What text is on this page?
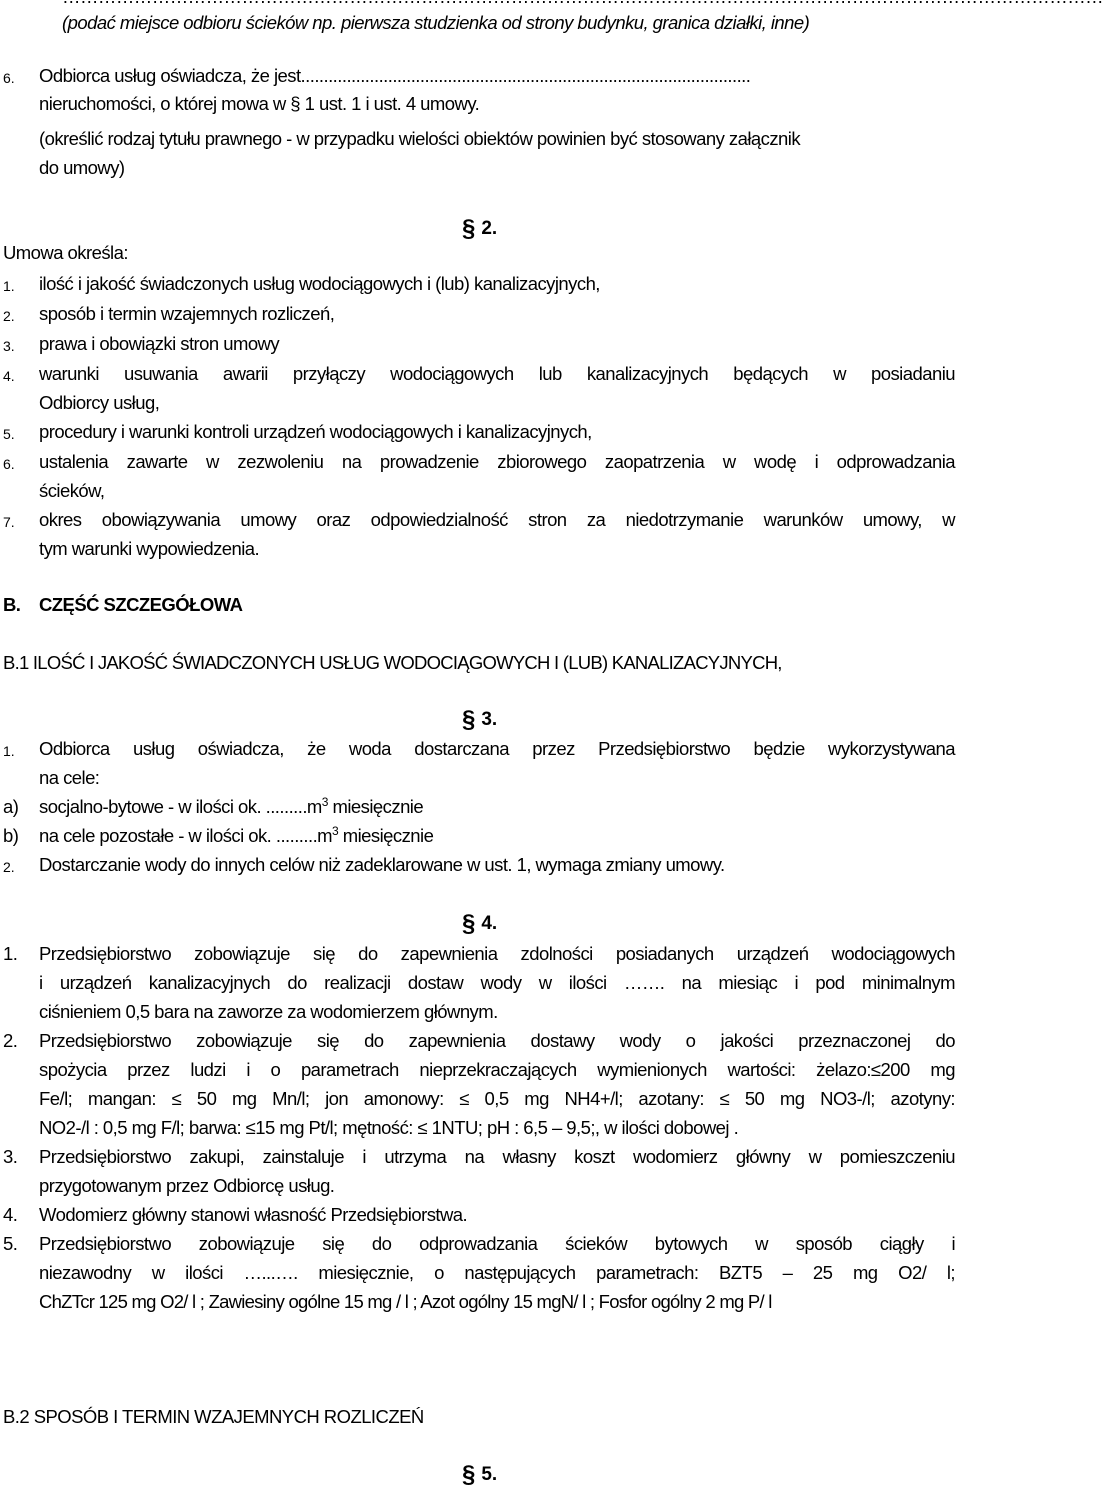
(podać miejsce odbioru ścieków np. pierwsza studzienka od strony budynku, granica działki, inne)
6. Odbiorca usług oświadcza, że jest..................................................................................................
nieruchomości, o której mowa w § 1 ust. 1 i ust. 4 umowy.
(określić rodzaj tytułu prawnego - w przypadku wielości obiektów powinien być stosowany załącznik
do umowy)
§ 2.
Umowa określa:
1. ilość i jakość świadczonych usług wodociągowych i (lub) kanalizacyjnych,
2. sposób i termin wzajemnych rozliczeń,
3. prawa i obowiązki stron umowy
4. warunki usuwania awarii przyłączy wodociągowych lub kanalizacyjnych będących w posiadaniu
Odbiorcy usług,
5. procedury i warunki kontroli urządzeń wodociągowych i kanalizacyjnych,
6. ustalenia zawarte w zezwoleniu na prowadzenie zbiorowego zaopatrzenia w wodę i odprowadzania
ścieków,
7. okres obowiązywania umowy oraz odpowiedzialność stron za niedotrzymanie warunków umowy, w
tym warunki wypowiedzenia.
B.	CZĘŚĆ SZCZEGÓŁOWA
B.1 ILOŚĆ I JAKOŚĆ ŚWIADCZONYCH USŁUG WODOCIĄGOWYCH I (LUB) KANALIZACYJNYCH,
§ 3.
1. Odbiorca usług oświadcza, że woda dostarczana przez Przedsiębiorstwo będzie wykorzystywana
na cele:
a)	socjalno-bytowe - w ilości ok. $.........m^3$ miesięcznie
b)	na cele pozostałe - w ilości ok. $.........m^3$ miesięcznie
2. Dostarczanie wody do innych celów niż zadeklarowane w ust. 1, wymaga zmiany umowy.
§ 4.
1. Przedsiębiorstwo zobowiązuje się do zapewnienia zdolności posiadanych urządzeń wodociągowych
i urządzeń kanalizacyjnych do realizacji dostaw wody w ilości ……. na miesiąc i pod minimalnym
ciśnieniem 0,5 bara na zaworze za wodomierzem głównym.
2. Przedsiębiorstwo zobowiązuje się do zapewnienia dostawy wody o jakości przeznaczonej do
spożycia przez ludzi i o parametrach nieprzekraczających wymienionych wartości: żelazo:≤200 mg
Fe/l; mangan: ≤ 50 mg Mn/l; jon amonowy: ≤ 0,5 mg NH4+/l; azotany: ≤ 50 mg NO3-/l; azotyny:
NO2-/l : 0,5 mg F/l; barwa: ≤15 mg Pt/l; mętność: ≤ 1NTU; pH : 6,5 – 9,5;, w ilości dobowej .
3. Przedsiębiorstwo zakupi, zainstaluje i utrzyma na własny koszt wodomierz główny w pomieszczeniu
przygotowanym przez Odbiorcę usług.
4. Wodomierz główny stanowi własność Przedsiębiorstwa.
5. Przedsiębiorstwo zobowiązuje się do odprowadzania ścieków bytowych w sposób ciągły i
niezawodny w ilości …...…. miesięcznie, o następujących parametrach: BZT5 – 25 mg O2/ l;
ChZTcr 125 mg O2/ l ; Zawiesiny ogólne 15 mg / l ; Azot ogólny 15 mgN/ l ; Fosfor ogólny 2 mg P/ l
B.2 SPOSÓB I TERMIN WZAJEMNYCH ROZLICZEŃ
§ 5.
